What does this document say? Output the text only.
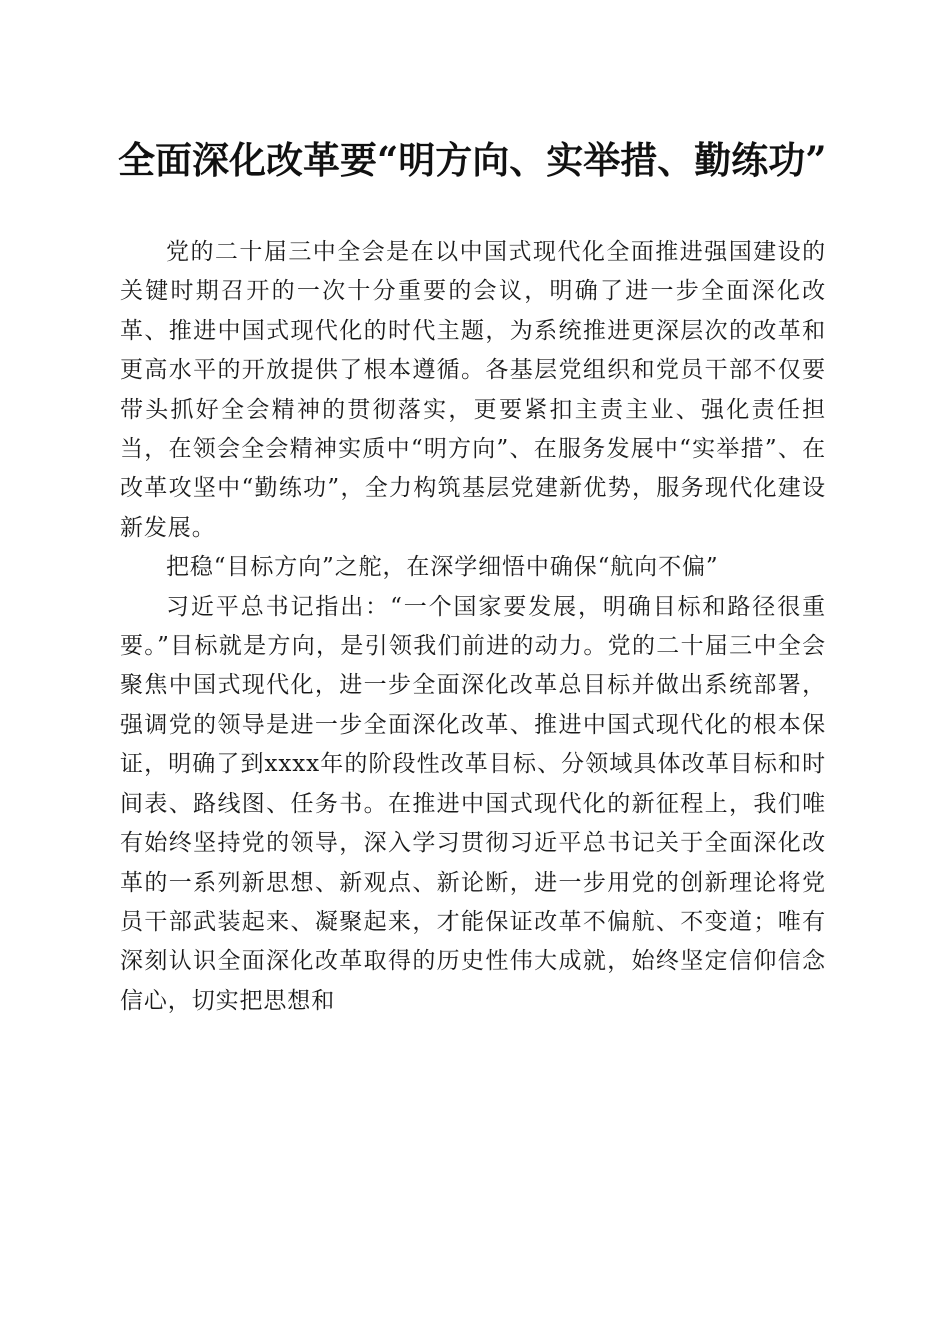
全面深化改革要“明方向、实举措、勤练功”

党的二十届三中全会是在以中国式现代化全面推进强国建设的关键时期召开的一次十分重要的会议，明确了进一步全面深化改革、推进中国式现代化的时代主题，为系统推进更深层次的改革和更高水平的开放提供了根本遵循。各基层党组织和党员干部不仅要带头抓好全会精神的贯彻落实，更要紧扣主责主业、强化责任担当，在领会全会精神实质中“明方向”、在服务发展中“实举措”、在改革攻坚中“勤练功”，全力构筑基层党建新优势，服务现代化建设新发展。

把稳“目标方向”之舵，在深学细悟中确保“航向不偏”

习近平总书记指出：“一个国家要发展，明确目标和路径很重要。”目标就是方向，是引领我们前进的动力。党的二十届三中全会聚焦中国式现代化，进一步全面深化改革总目标并做出系统部署，强调党的领导是进一步全面深化改革、推进中国式现代化的根本保证，明确了到xxxx年的阶段性改革目标、分领域具体改革目标和时间表、路线图、任务书。在推进中国式现代化的新征程上，我们唯有始终坚持党的领导，深入学习贯彻习近平总书记关于全面深化改革的一系列新思想、新观点、新论断，进一步用党的创新理论将党员干部武装起来、凝聚起来，才能保证改革不偏航、不变道；唯有深刻认识全面深化改革取得的历史性伟大成就，始终坚定信仰信念信心，切实把思想和
